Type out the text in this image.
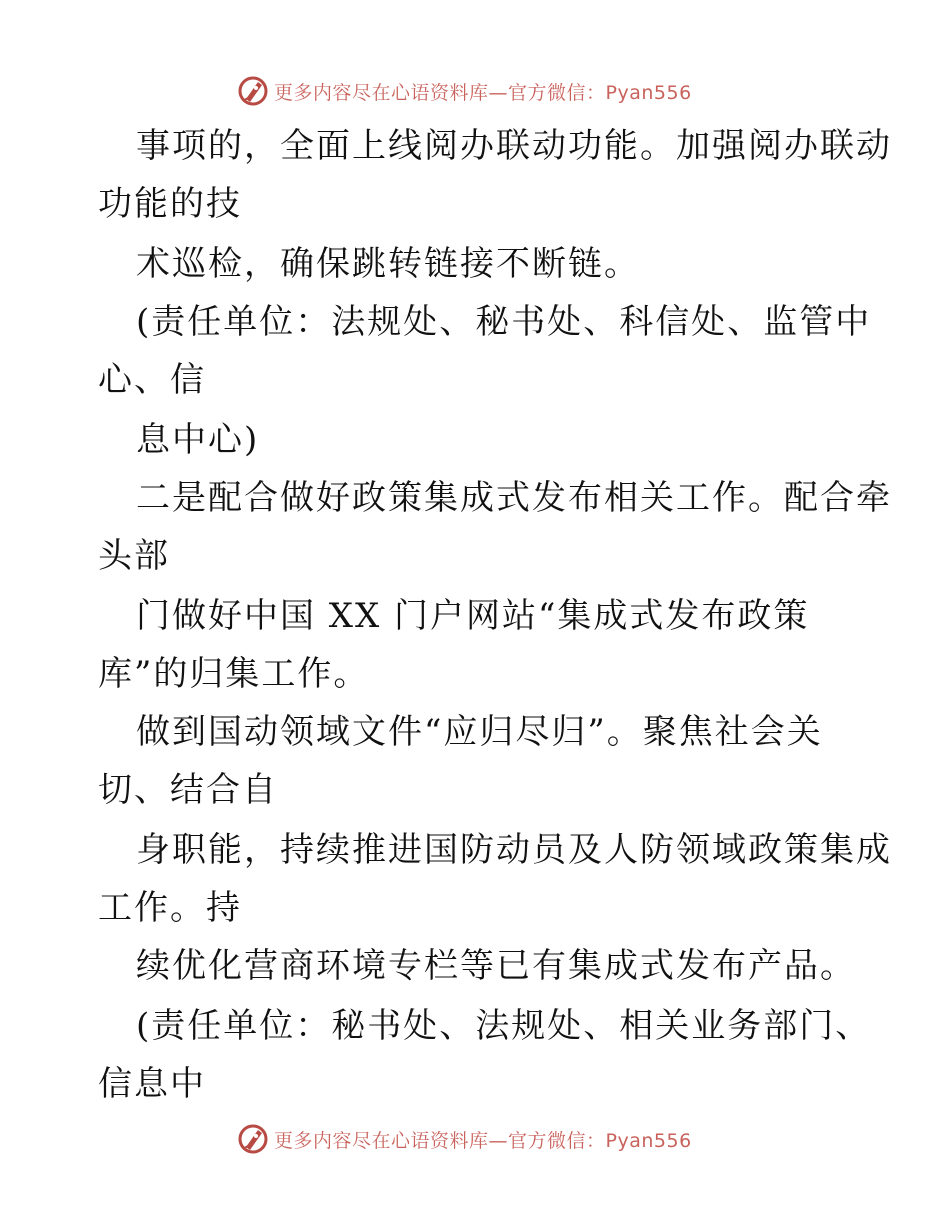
更多内容尽在心语资料库—官方微信：Pyan556
事项的，全面上线阅办联动功能。加强阅办联动
功能的技
术巡检，确保跳转链接不断链。
(责任单位：法规处、秘书处、科信处、监管中
心、信
息中心)
二是配合做好政策集成式发布相关工作。配合牵
头部
门做好中国 XX 门户网站“集成式发布政策
库”的归集工作。
做到国动领域文件“应归尽归”。聚焦社会关
切、结合自
身职能，持续推进国防动员及人防领域政策集成
工作。持
续优化营商环境专栏等已有集成式发布产品。
(责任单位：秘书处、法规处、相关业务部门、
信息中
更多内容尽在心语资料库—官方微信：Pyan556
